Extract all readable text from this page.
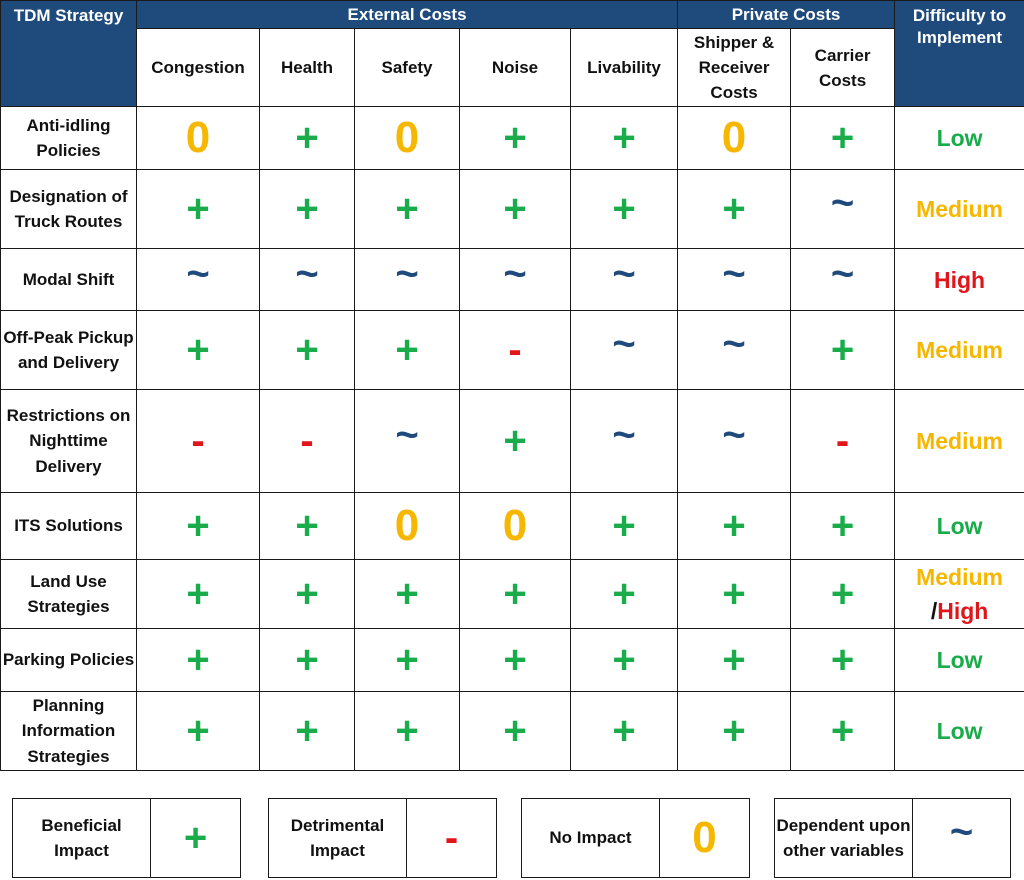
TDM Strategy	External Costs					Private Costs		Difficulty to Implement
	Congestion	Health	Safety	Noise	Livability	Shipper & Receiver Costs	Carrier Costs	
Anti-idling Policies	0	+	0	+	+	0	+	Low
Designation of Truck Routes	+	+	+	+	+	+	~	Medium
Modal Shift	~	~	~	~	~	~	~	High
Off-Peak Pickup and Delivery	+	+	+	-	~	~	+	Medium
Restrictions on Nighttime Delivery	-	-	~	+	~	~	-	Medium
ITS Solutions	+	+	0	0	+	+	+	Low
Land Use Strategies	+	+	+	+	+	+	+	Medium
/High
Parking Policies	+	+	+	+	+	+	+	Low
Planning Information Strategies	+	+	+	+	+	+	+	Low
Beneficial Impact	+	Detrimental Impact	-	No Impact	0	Dependent upon other variables ~
